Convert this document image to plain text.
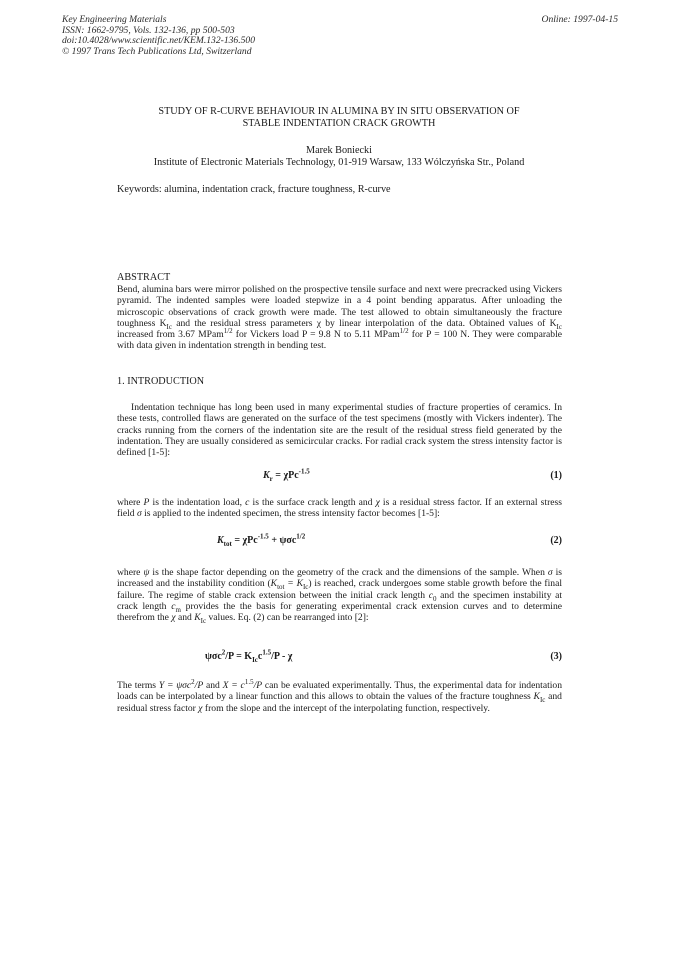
Key Engineering Materials
ISSN: 1662-9795, Vols. 132-136, pp 500-503
doi:10.4028/www.scientific.net/KEM.132-136.500
© 1997 Trans Tech Publications Ltd, Switzerland
Online: 1997-04-15
STUDY OF R-CURVE BEHAVIOUR IN ALUMINA BY IN SITU OBSERVATION OF
STABLE INDENTATION CRACK GROWTH
Marek Boniecki
Institute of Electronic Materials Technology, 01-919 Warsaw, 133 Wólczyńska Str., Poland
Keywords: alumina, indentation crack, fracture toughness, R-curve
ABSTRACT
Bend, alumina bars were mirror polished on the prospective tensile surface and next were precracked using Vickers pyramid. The indented samples were loaded stepwize in a 4 point bending apparatus. After unloading the microscopic observations of crack growth were made. The test allowed to obtain simultaneously the fracture toughness $K_{Ic}$ and the residual stress parameters χ by linear interpolation of the data. Obtained values of $K_{Ic}$ increased from 3.67 MPam$^{1/2}$ for Vickers load P = 9.8 N to 5.11 MPam$^{1/2}$ for P = 100 N. They were comparable with data given in indentation strength in bending test.
1. INTRODUCTION
Indentation technique has long been used in many experimental studies of fracture properties of ceramics. In these tests, controlled flaws are generated on the surface of the test specimens (mostly with Vickers indenter). The cracks running from the corners of the indentation site are the result of the residual stress field generated by the indentation. They are usually considered as semicircular cracks. For radial crack system the stress intensity factor is defined [1-5]:
$K_r = \chi Pc^{-1.5}$	(1)
where P is the indentation load, c is the surface crack length and χ is a residual stress factor. If an external stress field σ is applied to the indented specimen, the stress intensity factor becomes [1-5]:
$K_{tot} = \chi Pc^{-1.5} + \psi\sigma c^{1/2}$	(2)
where ψ is the shape factor depending on the geometry of the crack and the dimensions of the sample. When σ is increased and the instability condition $(K_{tot} = K_{Ic})$ is reached, crack undergoes some stable growth before the final failure. The regime of stable crack extension between the initial crack length $c_0$ and the specimen instability at crack length $c_m$ provides the the basis for generating experimental crack extension curves and to determine therefrom the χ and $K_{Ic}$ values. Eq. (2) can be rearranged into [2]:
$\psi\sigma c^2/P = K_{Ic}c^{1.5}/P - \chi$	(3)
The terms Y = ψσc$^2$/P and $X = c^{1.5}/P$ can be evaluated experimentally. Thus, the experimental data for indentation loads can be interpolated by a linear function and this allows to obtain the values of the fracture toughness $K_{Ic}$ and residual stress factor χ from the slope and the intercept of the interpolating function, respectively.
